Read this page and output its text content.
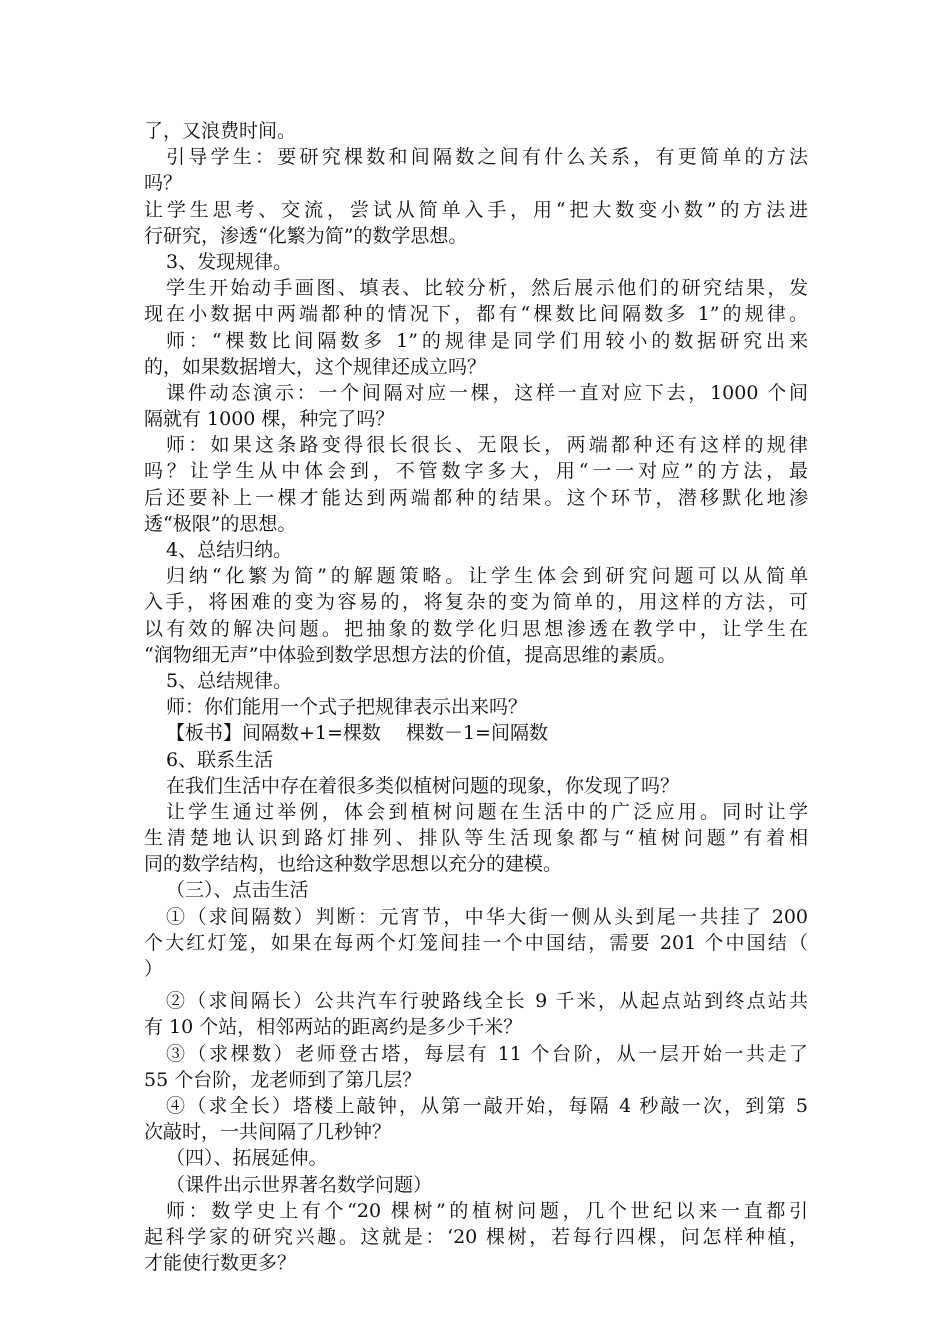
了，又浪费时间。
引导学生：要研究棵数和间隔数之间有什么关系，有更简单的方法
吗？
让学生思考、交流，尝试从简单入手，用“把大数变小数”的方法进
行研究，渗透“化繁为简”的数学思想。
3、发现规律。
学生开始动手画图、填表、比较分析，然后展示他们的研究结果，发
现在小数据中两端都种的情况下，都有“棵数比间隔数多 1”的规律。
师：“棵数比间隔数多 1”的规律是同学们用较小的数据研究出来
的，如果数据增大，这个规律还成立吗？
课件动态演示：一个间隔对应一棵，这样一直对应下去，1000 个间
隔就有 1000 棵，种完了吗？
师：如果这条路变得很长很长、无限长，两端都种还有这样的规律
吗？让学生从中体会到，不管数字多大，用“一一对应”的方法，最
后还要补上一棵才能达到两端都种的结果。这个环节，潜移默化地渗
透“极限”的思想。
4、总结归纳。
归纳“化繁为简”的解题策略。让学生体会到研究问题可以从简单
入手，将困难的变为容易的，将复杂的变为简单的，用这样的方法，可
以有效的解决问题。把抽象的数学化归思想渗透在教学中，让学生在
“润物细无声”中体验到数学思想方法的价值，提高思维的素质。
5、总结规律。
师：你们能用一个式子把规律表示出来吗？
【板书】间隔数+1=棵数　 棵数－1=间隔数
6、联系生活
在我们生活中存在着很多类似植树问题的现象，你发现了吗？
让学生通过举例，体会到植树问题在生活中的广泛应用。同时让学
生清楚地认识到路灯排列、排队等生活现象都与“植树问题”有着相
同的数学结构，也给这种数学思想以充分的建模。
（三）、点击生活
①（求间隔数）判断：元宵节，中华大街一侧从头到尾一共挂了 200
个大红灯笼，如果在每两个灯笼间挂一个中国结，需要 201 个中国结（
）
②（求间隔长）公共汽车行驶路线全长 9 千米，从起点站到终点站共
有 10 个站，相邻两站的距离约是多少千米？
③（求棵数）老师登古塔，每层有 11 个台阶，从一层开始一共走了
55 个台阶，龙老师到了第几层？
④（求全长）塔楼上敲钟，从第一敲开始，每隔 4 秒敲一次，到第 5
次敲时，一共间隔了几秒钟？
（四）、拓展延伸。
（课件出示世界著名数学问题）
师：数学史上有个“20 棵树”的植树问题，几个世纪以来一直都引
起科学家的研究兴趣。这就是：‘20 棵树，若每行四棵，问怎样种植，
才能使行数更多？
